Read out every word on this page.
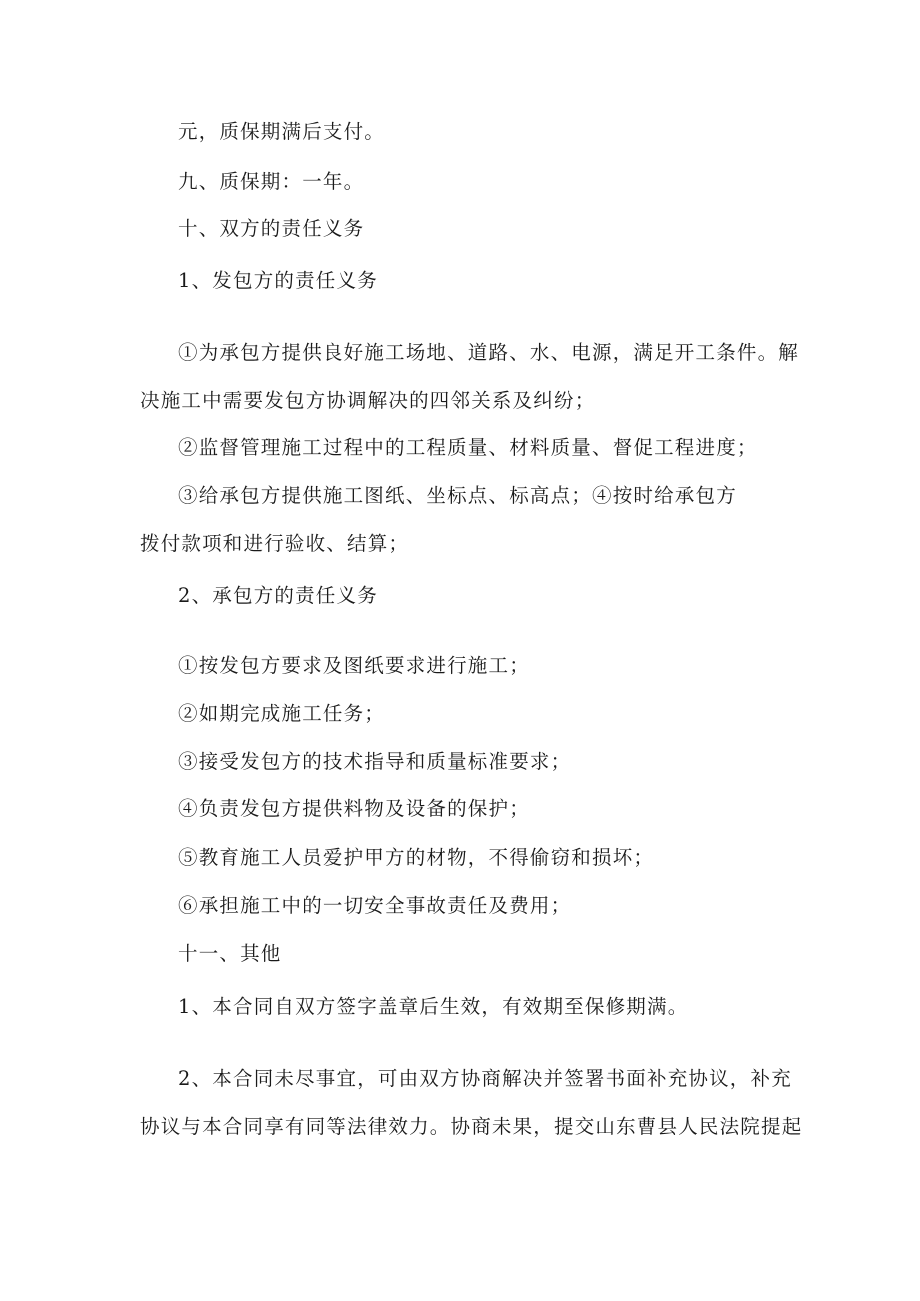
元，质保期满后支付。
九、质保期：一年。
十、双方的责任义务
1、发包方的责任义务
①为承包方提供良好施工场地、道路、水、电源，满足开工条件。解
决施工中需要发包方协调解决的四邻关系及纠纷；
②监督管理施工过程中的工程质量、材料质量、督促工程进度；
③给承包方提供施工图纸、坐标点、标高点；④按时给承包方
拨付款项和进行验收、结算；
2、承包方的责任义务
①按发包方要求及图纸要求进行施工；
②如期完成施工任务；
③接受发包方的技术指导和质量标准要求；
④负责发包方提供料物及设备的保护；
⑤教育施工人员爱护甲方的材物，不得偷窃和损坏；
⑥承担施工中的一切安全事故责任及费用；
十一、其他
1、本合同自双方签字盖章后生效，有效期至保修期满。
2、本合同未尽事宜，可由双方协商解决并签署书面补充协议，补充
协议与本合同享有同等法律效力。协商未果，提交山东曹县人民法院提起
